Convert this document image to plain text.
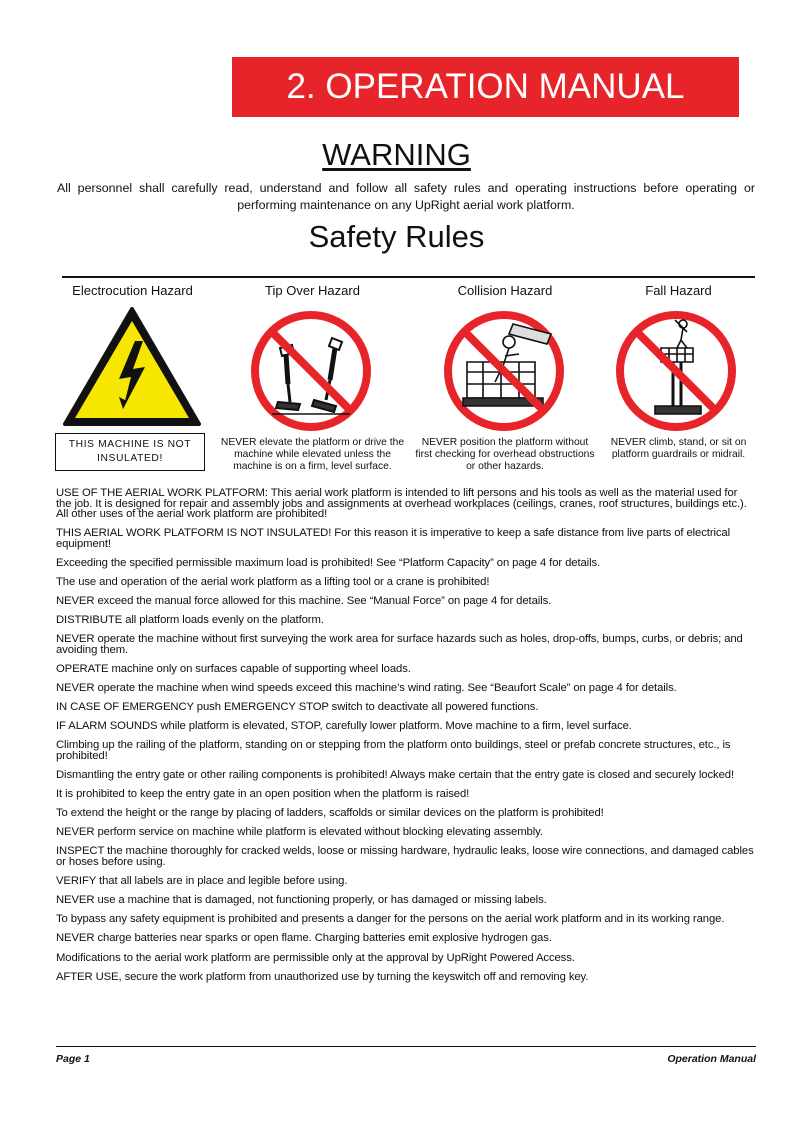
2. OPERATION MANUAL
WARNING
All personnel shall carefully read, understand and follow all safety rules and operating instructions before operating or performing maintenance on any UpRight aerial work platform.
Safety Rules
Electrocution Hazard
THIS MACHINE IS NOT INSULATED!
Tip Over Hazard
NEVER elevate the platform or drive the machine while elevated unless the machine is on a firm, level surface.
Collision Hazard
NEVER position the platform without first checking for overhead obstructions or other hazards.
Fall Hazard
NEVER climb, stand, or sit on platform guardrails or midrail.
USE OF THE AERIAL WORK PLATFORM: This aerial work platform is intended to lift persons and his tools as well as the material used for the job. It is designed for repair and assembly jobs and assignments at overhead workplaces (ceilings, cranes, roof structures, buildings etc.). All other uses of the aerial work platform are prohibited!
THIS AERIAL WORK PLATFORM IS NOT INSULATED! For this reason it is imperative to keep a safe distance from live parts of electrical equipment!
Exceeding the specified permissible maximum load is prohibited! See “Platform Capacity” on page 4 for details.
The use and operation of the aerial work platform as a lifting tool or a crane is prohibited!
NEVER exceed the manual force allowed for this machine. See “Manual Force” on page 4 for details.
DISTRIBUTE all platform loads evenly on the platform.
NEVER operate the machine without first surveying the work area for surface hazards such as holes, drop-offs, bumps, curbs, or debris; and avoiding them.
OPERATE machine only on surfaces capable of supporting wheel loads.
NEVER operate the machine when wind speeds exceed this machine’s wind rating. See “Beaufort Scale” on page 4 for details.
IN CASE OF EMERGENCY push EMERGENCY STOP switch to deactivate all powered functions.
IF ALARM SOUNDS while platform is elevated, STOP, carefully lower platform. Move machine to a firm, level surface.
Climbing up the railing of the platform, standing on or stepping from the platform onto buildings, steel or prefab concrete structures, etc., is prohibited!
Dismantling the entry gate or other railing components is prohibited! Always make certain that the entry gate is closed and securely locked!
It is prohibited to keep the entry gate in an open position when the platform is raised!
To extend the height or the range by placing of ladders, scaffolds or similar devices on the platform is prohibited!
NEVER perform service on machine while platform is elevated without blocking elevating assembly.
INSPECT the machine thoroughly for cracked welds, loose or missing hardware, hydraulic leaks, loose wire connections, and damaged cables or hoses before using.
VERIFY that all labels are in place and legible before using.
NEVER use a machine that is damaged, not functioning properly, or has damaged or missing labels.
To bypass any safety equipment is prohibited and presents a danger for the persons on the aerial work platform and in its working range.
NEVER charge batteries near sparks or open flame. Charging batteries emit explosive hydrogen gas.
Modifications to the aerial work platform are permissible only at the approval by UpRight Powered Access.
AFTER USE, secure the work platform from unauthorized use by turning the keyswitch off and removing key.
Page 1	Operation Manual
